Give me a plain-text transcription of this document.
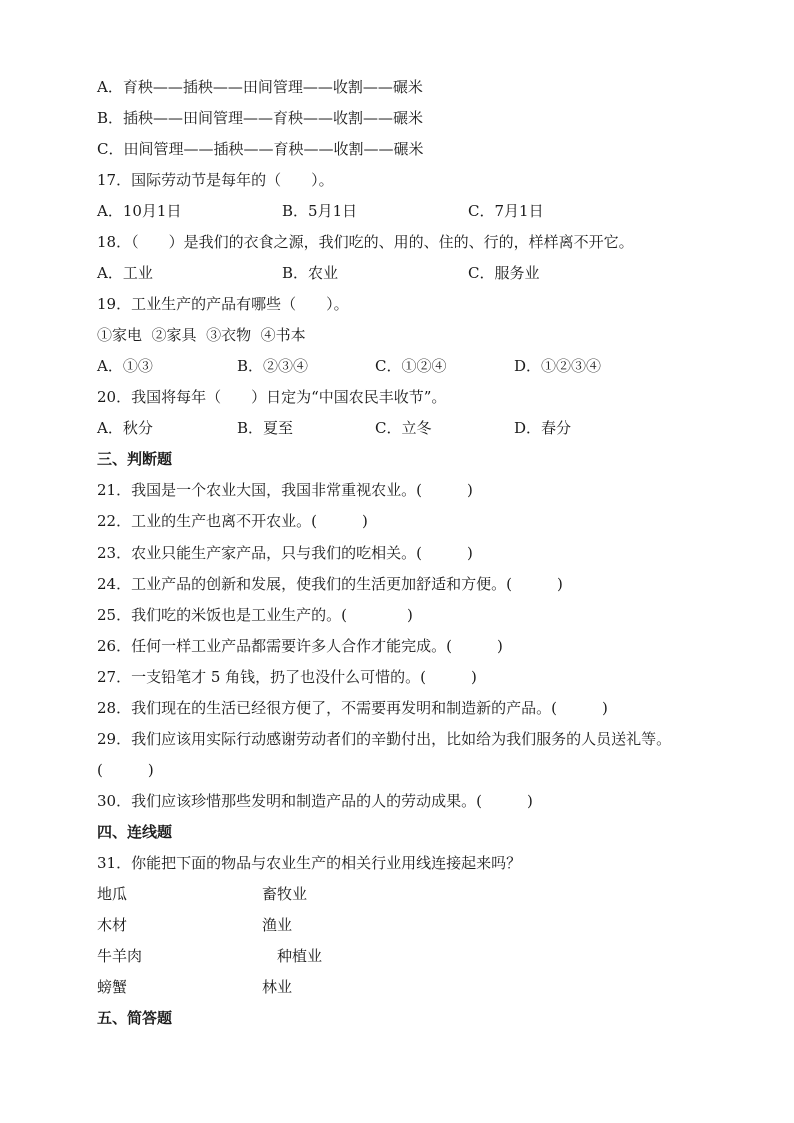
A．育秧——插秧——田间管理——收割——碾米
B．插秧——田间管理——育秧——收割——碾米
C．田间管理——插秧——育秧——收割——碾米
17．国际劳动节是每年的（　　）。

A．10月1日

	B．5月1日

	C．7月1日

18．（　　）是我们的衣食之源，我们吃的、用的、住的、行的，样样离不开它。

A．工业

	B．农业

	C．服务业

19．工业生产的产品有哪些（　　）。
①家电  ②家具  ③衣物  ④书本

A．①③

	B．②③④

	C．①②④

	D．①②③④

20．我国将每年（　　）日定为“中国农民丰收节”。

A．秋分

	B．夏至

	C．立冬

	D．春分

三、判断题
21．我国是一个农业大国，我国非常重视农业。(　　　)
22．工业的生产也离不开农业。(　　　)
23．农业只能生产家产品，只与我们的吃相关。(　　　)
24．工业产品的创新和发展，使我们的生活更加舒适和方便。(　　　)
25．我们吃的米饭也是工业生产的。(　　　　)
26．任何一样工业产品都需要许多人合作才能完成。(　　　)
27．一支铅笔才 5 角钱，扔了也没什么可惜的。(　　　)
28．我们现在的生活已经很方便了，不需要再发明和制造新的产品。(　　　)
29．我们应该用实际行动感谢劳动者们的辛勤付出，比如给为我们服务的人员送礼等。
(　　　)
30．我们应该珍惜那些发明和制造产品的人的劳动成果。(　　　)
四、连线题
31．你能把下面的物品与农业生产的相关行业用线连接起来吗？
地瓜
木材
牛羊肉
螃蟹
畜牧业
渔业
种植业
林业
五、简答题
